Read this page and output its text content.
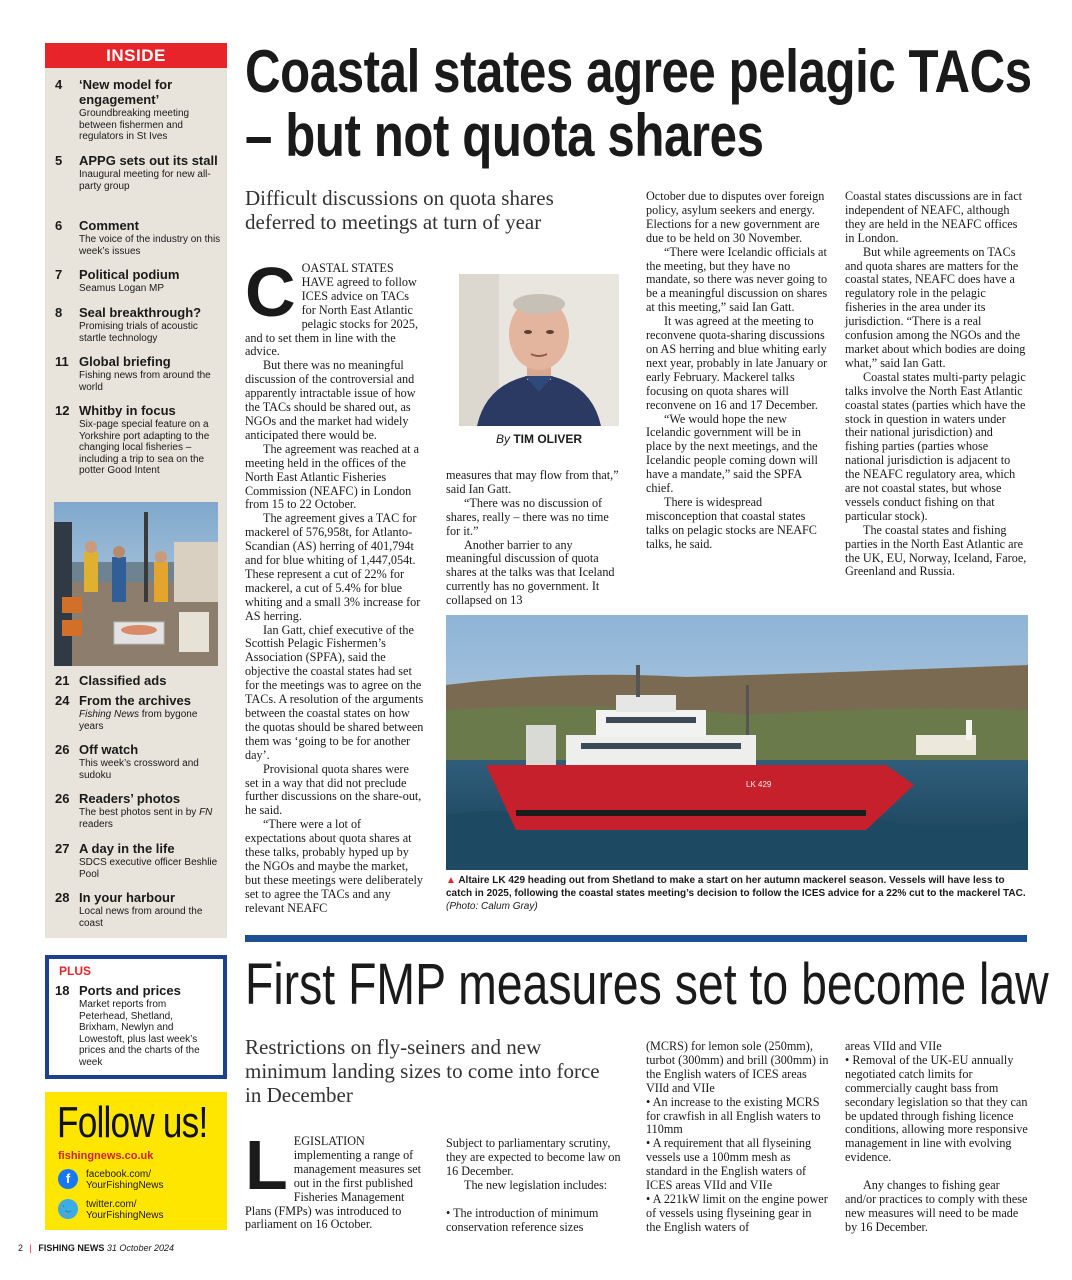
INSIDE
4	‘New model for engagement’
Groundbreaking meeting between fishermen and regulators in St Ives
5	APPG sets out its stall
Inaugural meeting for new all-party group
6	Comment
The voice of the industry on this week’s issues
7	Political podium
Seamus Logan MP
8	Seal breakthrough?
Promising trials of acoustic startle technology
11 Global briefing
Fishing news from around the world
12 Whitby in focus
Six-page special feature on a Yorkshire port adapting to the changing local fisheries – including a trip to sea on the potter Good Intent
21 Classified ads
24 From the archives
Fishing News from bygone years
26 Off watch
This week’s crossword and sudoku
26 Readers’ photos
The best photos sent in by FN readers
27 A day in the life
SDCS executive officer Beshlie Pool
28 In your harbour
Local news from around the coast
PLUS
18 Ports and prices
Market reports from Peterhead, Shetland, Brixham, Newlyn and Lowestoft, plus last week’s prices and the charts of the week
Follow us!
fishingnews.co.uk
f	facebook.com/
YourFishingNews
🐦 twitter.com/
YourFishingNews
Coastal states agree pelagic TACs
– but not quota shares
Difficult discussions on quota shares deferred to meetings at turn of year
C OASTAL STATES HAVE agreed to follow ICES advice on TACs for North East Atlantic pelagic stocks for 2025, and to set them in line with the advice.

But there was no meaningful discussion of the controversial and apparently intractable issue of how the TACs should be shared out, as NGOs and the market had widely anticipated there would be.

The agreement was reached at a meeting held in the offices of the North East Atlantic Fisheries Commission (NEAFC) in London from 15 to 22 October.

The agreement gives a TAC for mackerel of 576,958t, for Atlanto-Scandian (AS) herring of 401,794t and for blue whiting of 1,447,054t. These represent a cut of 22% for mackerel, a cut of 5.4% for blue whiting and a small 3% increase for AS herring.

Ian Gatt, chief executive of the Scottish Pelagic Fishermen’s Association (SPFA), said the objective the coastal states had set for the meetings was to agree on the TACs. A resolution of the arguments between the coastal states on how the quotas should be shared between them was ‘going to be for another day’.

Provisional quota shares were set in a way that did not preclude further discussions on the share-out, he said.

“There were a lot of expectations about quota shares at these talks, probably hyped up by the NGOs and maybe the market, but these meetings were deliberately set to agree the TACs and any relevant NEAFC

By TIM OLIVER

measures that may flow from that,” said Ian Gatt.

“There was no discussion of shares, really – there was no time for it.”

Another barrier to any meaningful discussion of quota shares at the talks was that Iceland currently has no government. It collapsed on 13

October due to disputes over foreign policy, asylum seekers and energy. Elections for a new government are due to be held on 30 November.

“There were Icelandic officials at the meeting, but they have no mandate, so there was never going to be a meaningful discussion on shares at this meeting,” said Ian Gatt.

It was agreed at the meeting to reconvene quota-sharing discussions on AS herring and blue whiting early next year, probably in late January or early February. Mackerel talks focusing on quota shares will reconvene on 16 and 17 December.

“We would hope the new Icelandic government will be in place by the next meetings, and the Icelandic people coming down will have a mandate,” said the SPFA chief.

There is widespread misconception that coastal states talks on pelagic stocks are NEAFC talks, he said.

Coastal states discussions are in fact independent of NEAFC, although they are held in the NEAFC offices in London.

But while agreements on TACs and quota shares are matters for the coastal states, NEAFC does have a regulatory role in the pelagic fisheries in the area under its jurisdiction. “There is a real confusion among the NGOs and the market about which bodies are doing what,” said Ian Gatt.

Coastal states multi-party pelagic talks involve the North East Atlantic coastal states (parties which have the stock in question in waters under their national jurisdiction) and fishing parties (parties whose national jurisdiction is adjacent to the NEAFC regulatory area, which are not coastal states, but whose vessels conduct fishing on that particular stock).

The coastal states and fishing parties in the North East Atlantic are the UK, EU, Norway, Iceland, Faroe, Greenland and Russia.

LK 429
▲ Altaire LK 429 heading out from Shetland to make a start on her autumn mackerel season. Vessels will have less to catch in 2025, following the coastal states meeting’s decision to follow the ICES advice for a 22% cut to the mackerel TAC. (Photo: Calum Gray)
First FMP measures set to become law
Restrictions on fly-seiners and new minimum landing sizes to come into force in December
L EGISLATION implementing a range of management measures set out in the first published Fisheries Management Plans (FMPs) was introduced to parliament on 16 October.

Subject to parliamentary scrutiny, they are expected to become law on 16 December.

The new legislation includes:

• The introduction of minimum conservation reference sizes

(MCRS) for lemon sole (250mm), turbot (300mm) and brill (300mm) in the English waters of ICES areas VIId and VIIe

• An increase to the existing MCRS for crawfish in all English waters to 110mm

• A requirement that all flyseining vessels use a 100mm mesh as standard in the English waters of ICES areas VIId and VIIe

• A 221kW limit on the engine power of vessels using flyseining gear in the English waters of

areas VIId and VIIe

• Removal of the UK-EU annually negotiated catch limits for commercially caught bass from secondary legislation so that they can be updated through fishing licence conditions, allowing more responsive management in line with evolving evidence.

Any changes to fishing gear and/or practices to comply with these new measures will need to be made by 16 December.

2 | FISHING NEWS 31 October 2024
